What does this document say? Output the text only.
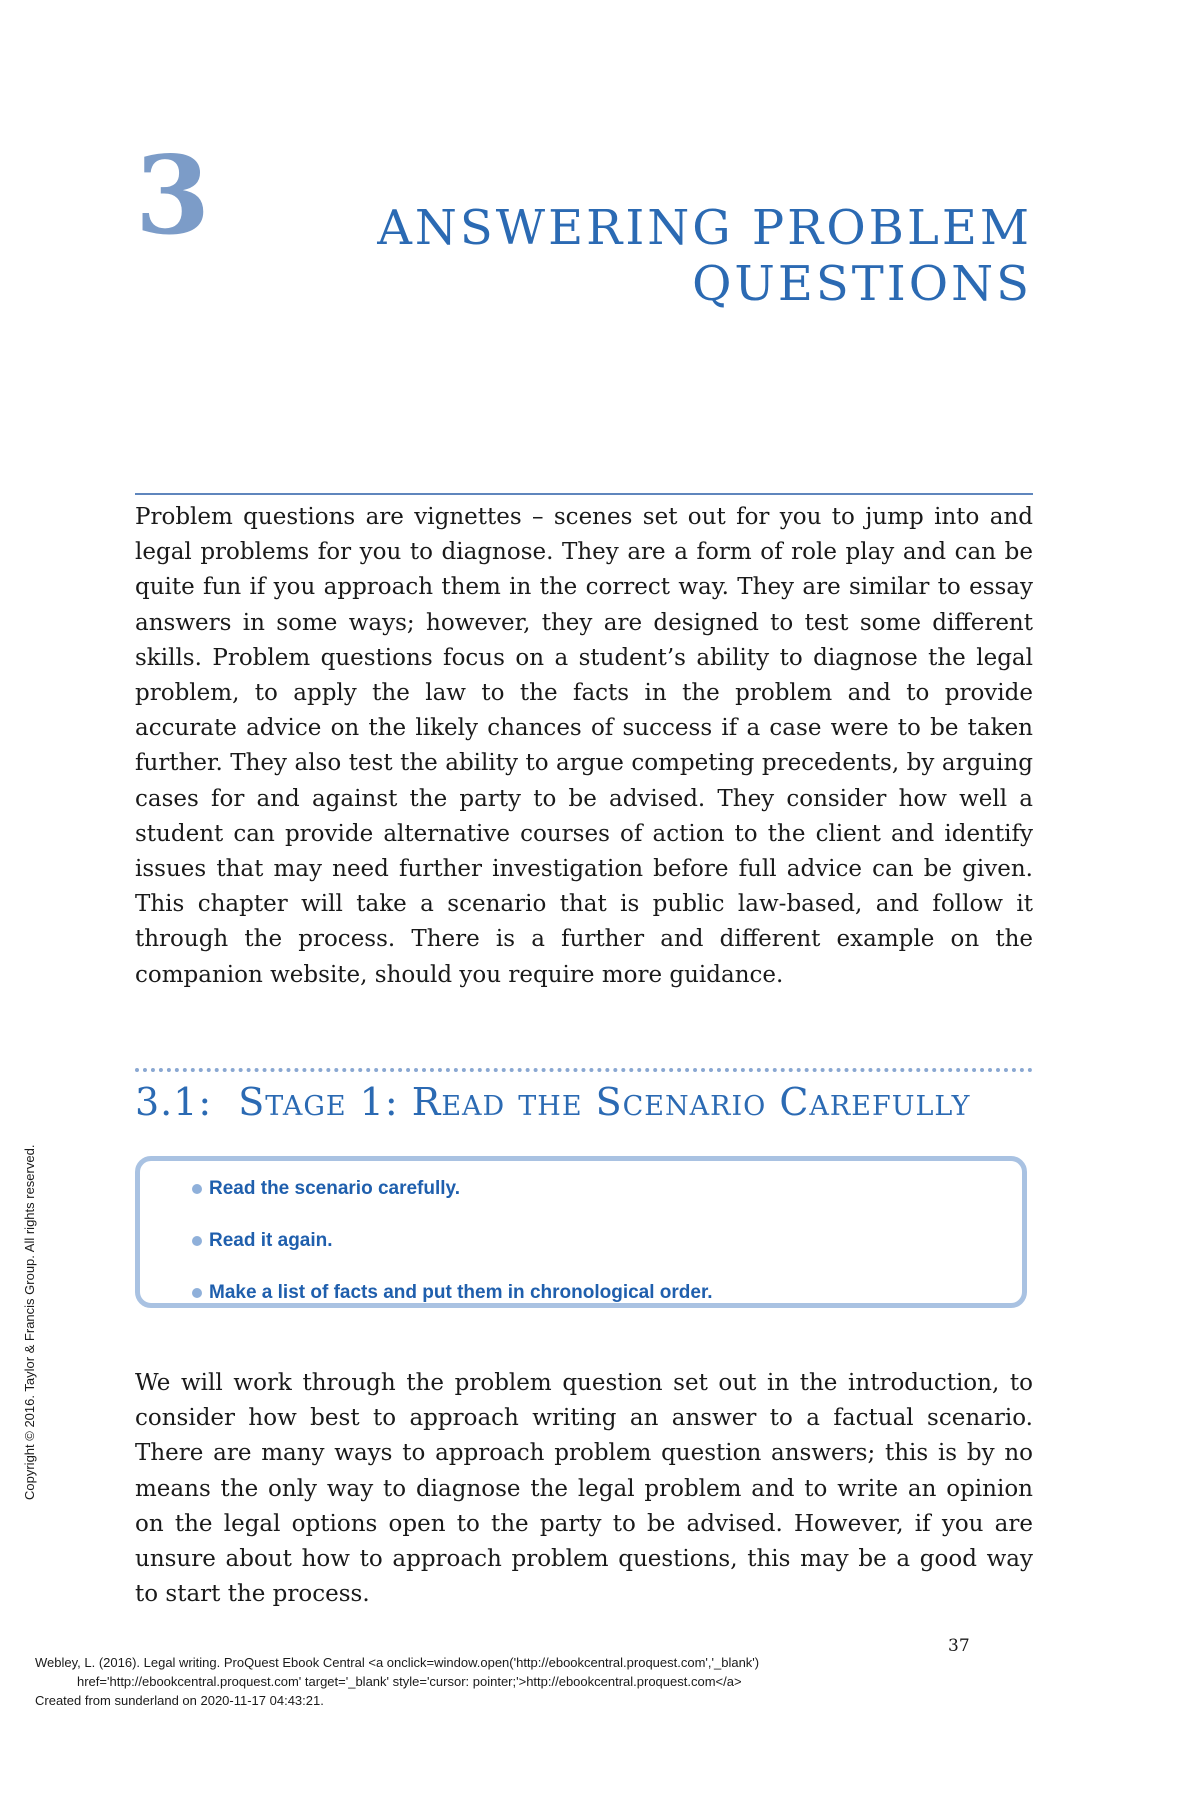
3	ANSWERING PROBLEM
QUESTIONS

Problem questions are vignettes – scenes set out for you to jump into and legal problems for you to diagnose. They are a form of role play and can be quite fun if you approach them in the correct way. They are similar to essay answers in some ways; however, they are designed to test some different skills. Problem questions focus on a student’s ability to diagnose the legal problem, to apply the law to the facts in the problem and to provide accurate advice on the likely chances of success if a case were to be taken further. They also test the ability to argue competing precedents, by arguing cases for and against the party to be advised. They consider how well a student can provide alternative courses of action to the client and identify issues that may need further investigation before full advice can be given. This chapter will take a scenario that is public law-based, and follow it through the process. There is a further and different example on the companion website, should you require more guidance.

3.1: Stage 1: Read the Scenario Carefully
Read the scenario carefully.
Read it again.
Make a list of facts and put them in chronological order.

We will work through the problem question set out in the introduction, to consider how best to approach writing an answer to a factual scenario. There are many ways to approach problem question answers; this is by no means the only way to diagnose the legal problem and to write an opinion on the legal options open to the party to be advised. However, if you are unsure about how to approach problem questions, this may be a good way to start the process.

37
Copyright © 2016. Taylor & Francis Group. All rights reserved.
Webley, L. (2016). Legal writing. ProQuest Ebook Central <a onclick=window.open('http://ebookcentral.proquest.com','_blank')
href='http://ebookcentral.proquest.com' target='_blank' style='cursor: pointer;'>http://ebookcentral.proquest.com</a>
Created from sunderland on 2020-11-17 04:43:21.
